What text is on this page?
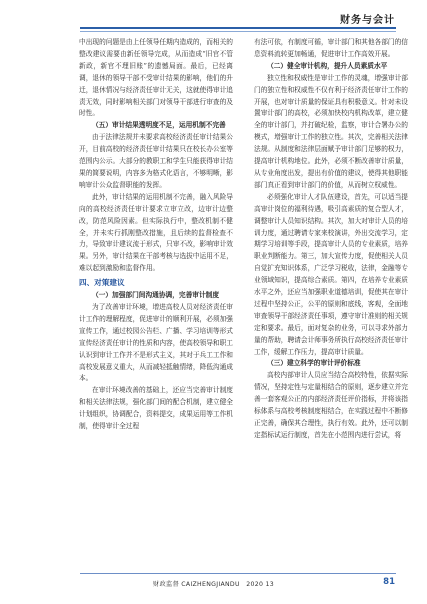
财务与会计
中出现的问题是由上任领导任期内造成的，而相关的整改建议需要由新任领导完成，从而造成“旧官不管新政，新官不理旧账”的遗憾局面。最后，已经离调，退休的领导干部不受审计结果的影响，他们的升迁，退休情况与经济责任审计无关，这就使得审计追责无效，同时影响相关部门对领导干部进行审查的及时性。
（五）审计结果透明度不足，运用机制不完善
由于法律法规并未要求高校经济责任审计结果公开，目前高校的经济责任审计结果只在校长办公室等范围内公示。大部分的教职工和学生只能获得审计结果的简要说明，内容多为格式化语言，不够明晰，影响审计公众监督职能的发挥。
此外，审计结果的运用机制不完善，融入风险导向的高校经济责任审计要求立审立改，边审计边整改，防范风险因素。但实际执行中，整改机制不健全，并未实行抓刚整改措施，且后续的监督检查不力，导致审计建议流于形式，只审不改，影响审计效果。另外，审计结果在干部考核与选拔中运用不足，难以起到激励和监督作用。
四、对策建议
（一）加强部门间沟通协调，完善审计制度
为了改善审计环境，增进高校人员对经济责任审计工作的理解程度，促进审计的顺利开展，必须加强宣传工作，通过校园公告栏、广播、学习培训等形式宣传经济责任审计的性质和内容，使高校领导和职工认识到审计工作并不是形式主义，其对于兵工工作和高校发展意义重大，从而减轻抵触情绪，降低沟通成本。
在审计环境改善的基础上，还应当完善审计制度和相关法律法规，强化部门间的配合机制，建立健全计划组织，协调配合，资料提交，成果运用等工作机制，使得审计全过程
有法可依，有制度可循，审计部门和其他各部门的信息资料流转更加畅通，促进审计工作高效开展。
（二）健全审计机构，提升人员素质水平
独立性和权威性是审计工作的灵魂，增强审计部门的独立性和权威性不仅有利于经济责任审计工作的开展，也对审计质量的保证具有积极意义。针对未设置审计部门的高校，必须加快校内机构改革，建立健全的审计部门，并打破纪检，监察，审计合署办公的模式，增强审计工作的独立性。其次，完善相关法律法规。从制度和法律层面赋予审计部门足够的权力，提高审计机构地位。此外，必须不断改善审计质量，从专业角度出发，提出有价值的建议，使得其他职能部门真正看到审计部门的价值，从而树立权威性。
必须强化审计人才队伍建设，首先，可以适当提高审计岗位的福利待遇，吸引高素质的复合型人才，调整审计人员知识结构。其次，加大对审计人员的培训力度，通过聘请专家来校演讲，外出交流学习，定期学习培训等手段，提高审计人员的专业素质，培养职业判断能力。第三，加大宣传力度，促使相关人员自觉扩充知识体系，广泛学习税收，法律，金融等专业领域知识，提高综合素质。第四，在培养专业素质水平之外，还应当加强职业道德培训，促使其在审计过程中坚持公正，公平的原则和底线，客观，全面地审查领导干部经济责任事项，遵守审计准则的相关规定和要求。最后，面对复杂的业务，可以寻求外部力量的帮助，聘请会计师事务所执行高校经济责任审计工作，缓解工作压力，提高审计质量。
（三）建立科学的审计评价标准
高校内部审计人员应当结合高校特性，依据实际情况，坚持定性与定量相结合的原则，逐步建立并完善一套客观公正的内部经济责任评价指标，并将该指标体系与高校考核制度相结合，在实践过程中不断修正完善，确保其合理性，执行有效。此外，还可以制定指标试运行制度，首先在小范围内进行尝试，将
财政监督 CAIZHENGJIANDU　2020 13	81
